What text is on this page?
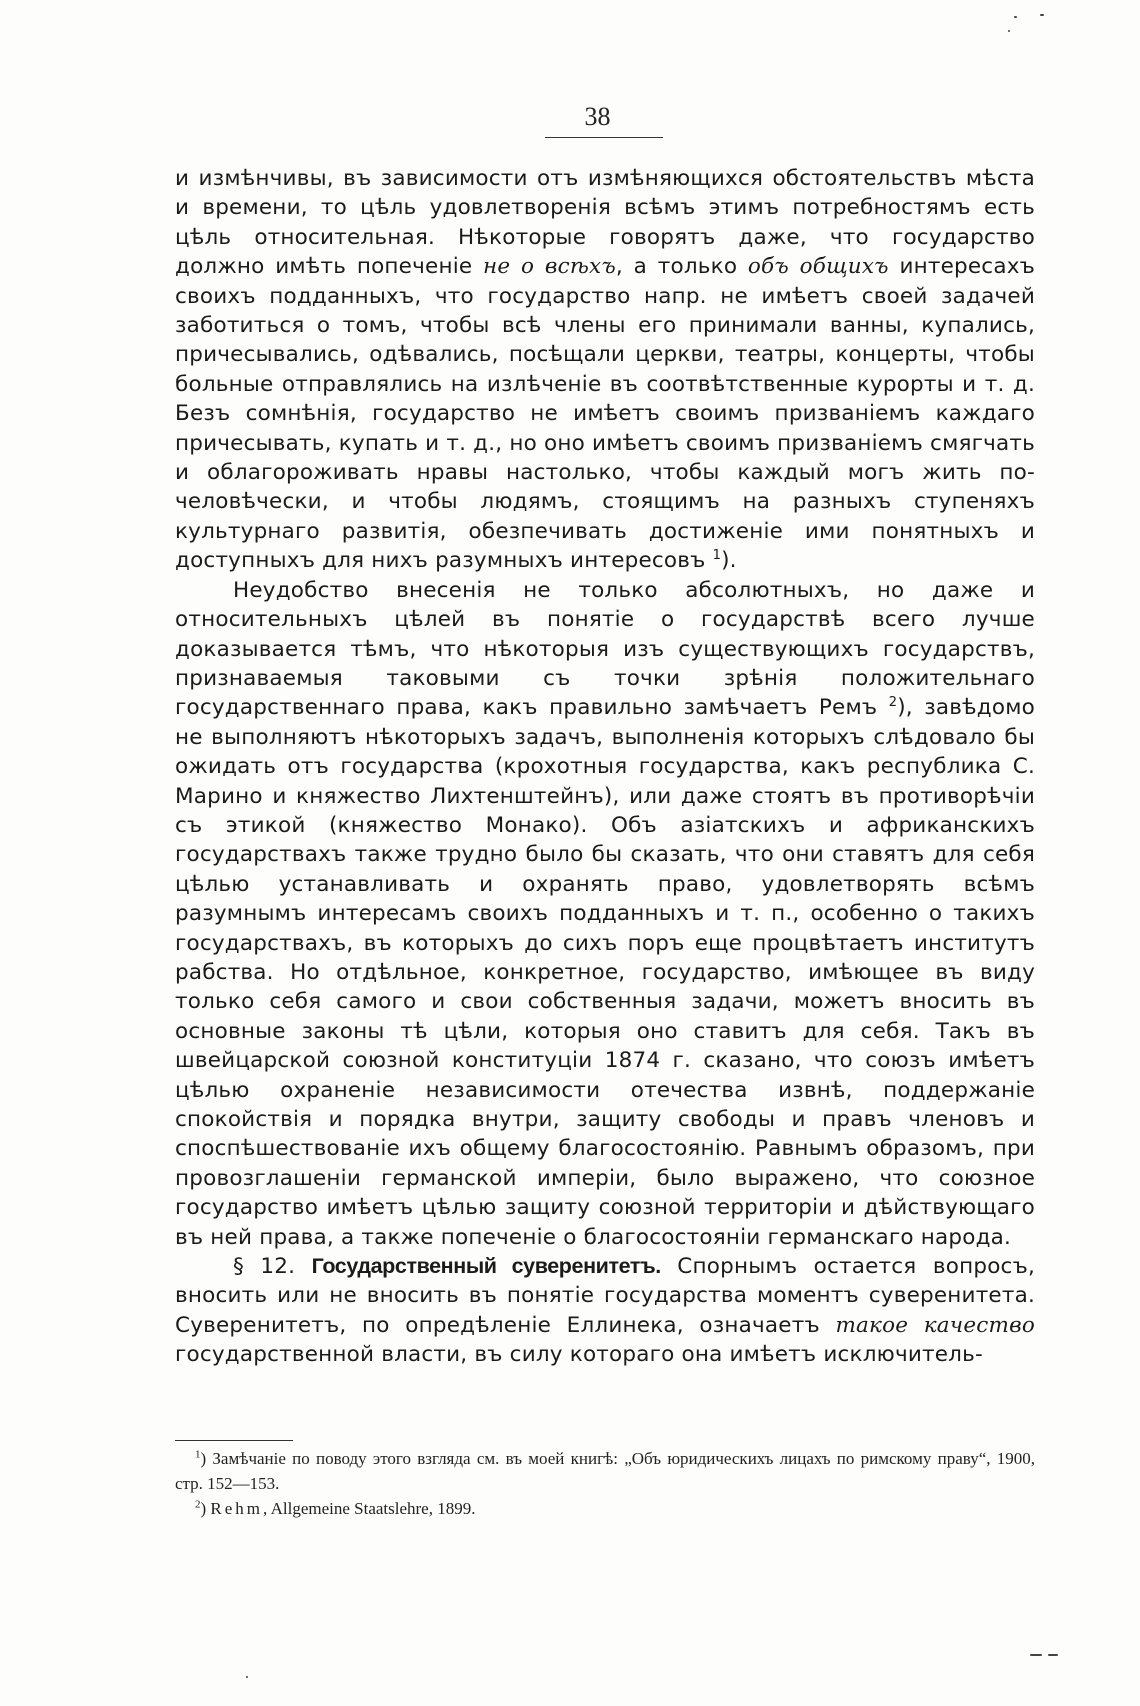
38

и измѣнчивы, въ зависимости отъ измѣняющихся обстоятельствъ мѣста и времени, то цѣль удовлетворенія всѣмъ этимъ потребностямъ есть цѣль относительная. Нѣкоторые говорятъ даже, что государство должно имѣть попеченіе не о всѣхъ, а только объ общихъ интересахъ своихъ подданныхъ, что государство напр. не имѣетъ своей задачей заботиться о томъ, чтобы всѣ члены его принимали ванны, купались, причесывались, одѣвались, посѣщали церкви, театры, концерты, чтобы больные отправлялись на излѣченіе въ соотвѣтственные курорты и т. д. Безъ сомнѣнія, государство не имѣетъ своимъ призваніемъ каждаго причесывать, купать и т. д., но оно имѣетъ своимъ призваніемъ смягчать и облагороживать нравы настолько, чтобы каждый могъ жить по-человѣчески, и чтобы людямъ, стоящимъ на разныхъ ступеняхъ культурнаго развитія, обезпечивать достиженіе ими понятныхъ и доступныхъ для нихъ разумныхъ интересовъ $^1$).

Неудобство внесенія не только абсолютныхъ, но даже и относительныхъ цѣлей въ понятіе о государствѣ всего лучше доказывается тѣмъ, что нѣкоторыя изъ существующихъ государствъ, признаваемыя таковыми съ точки зрѣнія положительнаго государственнаго права, какъ правильно замѣчаетъ Ремъ $^2$), завѣдомо не выполняютъ нѣкоторыхъ задачъ, выполненія которыхъ слѣдовало бы ожидать отъ государства (крохотныя государства, какъ республика С. Марино и княжество Лихтенштейнъ), или даже стоятъ въ противорѣчіи съ этикой (княжество Монако). Объ азіатскихъ и африканскихъ государствахъ также трудно было бы сказать, что они ставятъ для себя цѣлью устанавливать и охранять право, удовлетворять всѣмъ разумнымъ интересамъ своихъ подданныхъ и т. п., особенно о такихъ государствахъ, въ которыхъ до сихъ поръ еще процвѣтаетъ институтъ рабства. Но отдѣльное, конкретное, государство, имѣющее въ виду только себя самого и свои собственныя задачи, можетъ вносить въ основные законы тѣ цѣли, которыя оно ставитъ для себя. Такъ въ швейцарской союзной конституціи 1874 г. сказано, что союзъ имѣетъ цѣлью охраненіе независимости отечества извнѣ, поддержаніе спокойствія и порядка внутри, защиту свободы и правъ членовъ и споспѣшествованіе ихъ общему благосостоянію. Равнымъ образомъ, при провозглашеніи германской имперіи, было выражено, что союзное государство имѣетъ цѣлью защиту союзной территоріи и дѣйствующаго въ ней права, а также попеченіе о благосостояніи германскаго народа.

§ 12. Государственный суверенитетъ. Спорнымъ остается вопросъ, вносить или не вносить въ понятіе государства моментъ суверенитета. Суверенитетъ, по опредѣленіе Еллинека, означаетъ такое качество государственной власти, въ силу котораго она имѣетъ исключитель-

$^1$) Замѣчаніе по поводу этого взгляда см. въ моей книгѣ: „Объ юридическихъ лицахъ по римскому праву“, 1900, стр. 152—153.

$^2$) Rehm, Allgemeine Staatslehre, 1899.
